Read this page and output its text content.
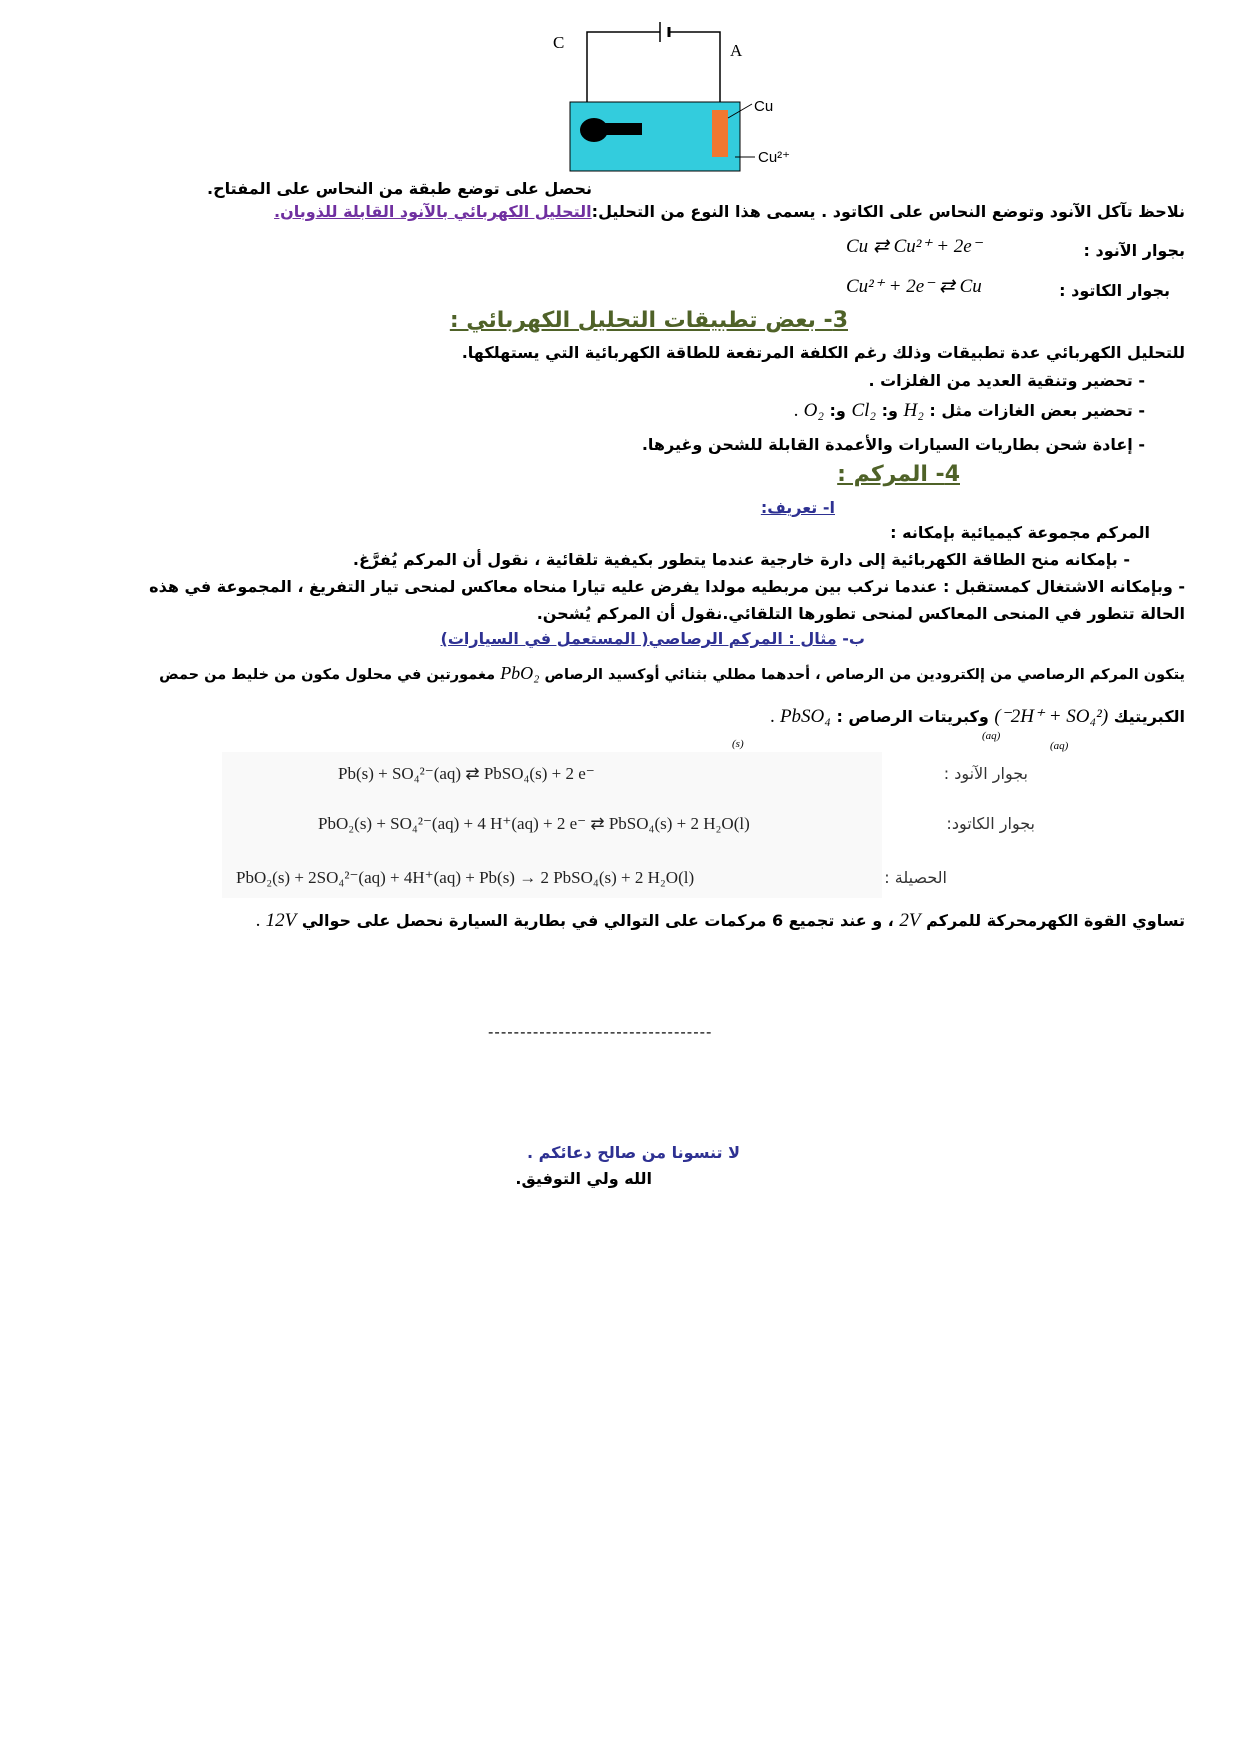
C	A
Cu
Cu²⁺
نحصل على توضع طبقة من النحاس على المفتاح.
نلاحظ تآكل الآنود وتوضع النحاس على الكاتود . يسمى هذا النوع من التحليل:التحليل الكهربائي بالآنود القابلة للذوبان.
بجوار الآنود :
Cu ⇄ Cu²⁺ + 2e⁻
بجوار الكاتود :
Cu²⁺ + 2e⁻ ⇄ Cu
3- بعض تطبيقات التحليل الكهربائي :
للتحليل الكهربائي عدة تطبيقات وذلك رغم الكلفة المرتفعة للطاقة الكهربائية التي يستهلكها.
- تحضير وتنقية العديد من الفلزات .
- تحضير بعض الغازات مثل : H₂ و: Cl₂ و: O₂ .
- إعادة شحن بطاريات السيارات والأعمدة القابلة للشحن وغيرها.
4- المركم :
ا- تعريف:
المركم مجموعة كيميائية بإمكانه :
- بإمكانه منح الطاقة الكهربائية إلى دارة خارجية عندما يتطور بكيفية تلقائية ، نقول أن المركم يُفرَّغ.
- وبإمكانه الاشتغال كمستقبل : عندما نركب بين مربطيه مولدا يفرض عليه تيارا منحاه معاكس لمنحى تيار التفريغ ، المجموعة في هذه
الحالة تتطور في المنحى المعاكس لمنحى تطورها التلقائي.نقول أن المركم يُشحن.
ب- مثال : المركم الرصاصي( المستعمل في السيارات)
يتكون المركم الرصاصي من إلكترودين من الرصاص ، أحدهما مطلي بثنائي أوكسيد الرصاص PbO₂ مغمورتين في محلول مكون من خليط من حمض
الكبريتيك (2H⁺ + SO₄²⁻) وكبريتات الرصاص : PbSO₄ .
(aq)
(aq)
(s)
Pb(s) + SO₄²⁻(aq) ⇄ PbSO₄(s) + 2 e⁻	بجوار الآنود :
PbO₂(s) + SO₄²⁻(aq) + 4 H⁺(aq) + 2 e⁻ ⇄ PbSO₄(s) + 2 H₂O(l)	بجوار الكاتود:
PbO₂(s) + 2SO₄²⁻(aq) + 4H⁺(aq) + Pb(s) → 2 PbSO₄(s) + 2 H₂O(l)	الحصيلة :
تساوي القوة الكهرمحركة للمركم 2V ، و عند تجميع 6 مركمات على التوالي في بطارية السيارة نحصل على حوالي 12V .
-----------------------------------
لا تنسونا من صالح دعائكم .
الله ولي التوفيق.
